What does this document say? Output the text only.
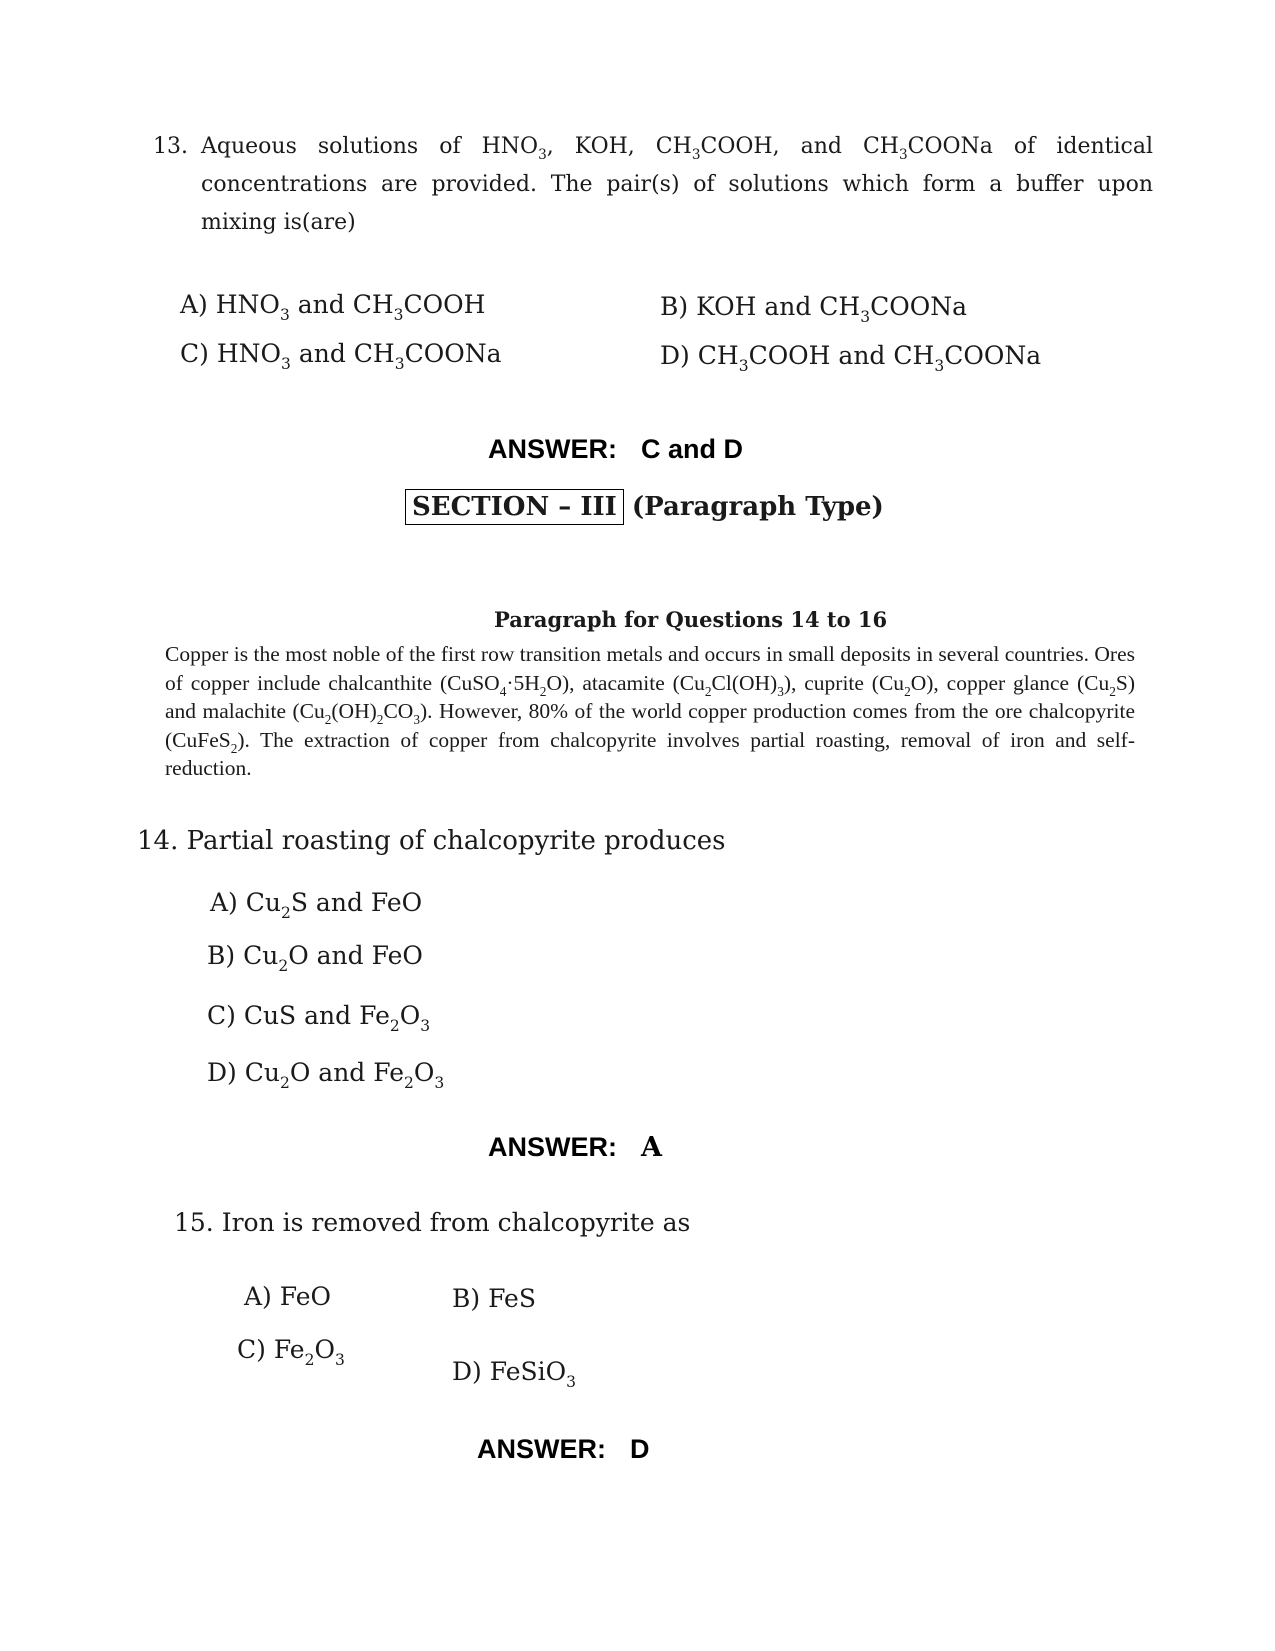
13. Aqueous solutions of $HNO_3$, KOH, $CH_3COOH$, and $CH_3COONa$ of identical concentrations are provided. The pair(s) of solutions which form a buffer upon mixing is(are)
A) $HNO_3$ and $CH_3COOH$	B) KOH and $CH_3COONa$
C) $HNO_3$ and $CH_3COONa$	D) $CH_3COOH$ and $CH_3COONa$
ANSWER: C and D
SECTION – III (Paragraph Type)
Paragraph for Questions 14 to 16
Copper is the most noble of the first row transition metals and occurs in small deposits in several countries. Ores of copper include chalcanthite $(CuSO_4\cdot 5H_2O)$, atacamite $(Cu_2Cl(OH)_3)$, cuprite $(Cu_2O)$, copper glance $(Cu_2S)$ and malachite $(Cu_2(OH)_2CO_3)$. However, 80% of the world copper production comes from the ore chalcopyrite (CuFeS$_2$). The extraction of copper from chalcopyrite involves partial roasting, removal of iron and self-reduction.
14. Partial roasting of chalcopyrite produces
A) $Cu_2S$ and FeO
B) $Cu_2O$ and FeO
C) CuS and $Fe_2O_3$
D) $Cu_2O$ and $Fe_2O_3$
ANSWER: A
15. Iron is removed from chalcopyrite as
A) FeO	B) FeS
C) $Fe_2O_3$	D) FeSiO$_3$
ANSWER: D
